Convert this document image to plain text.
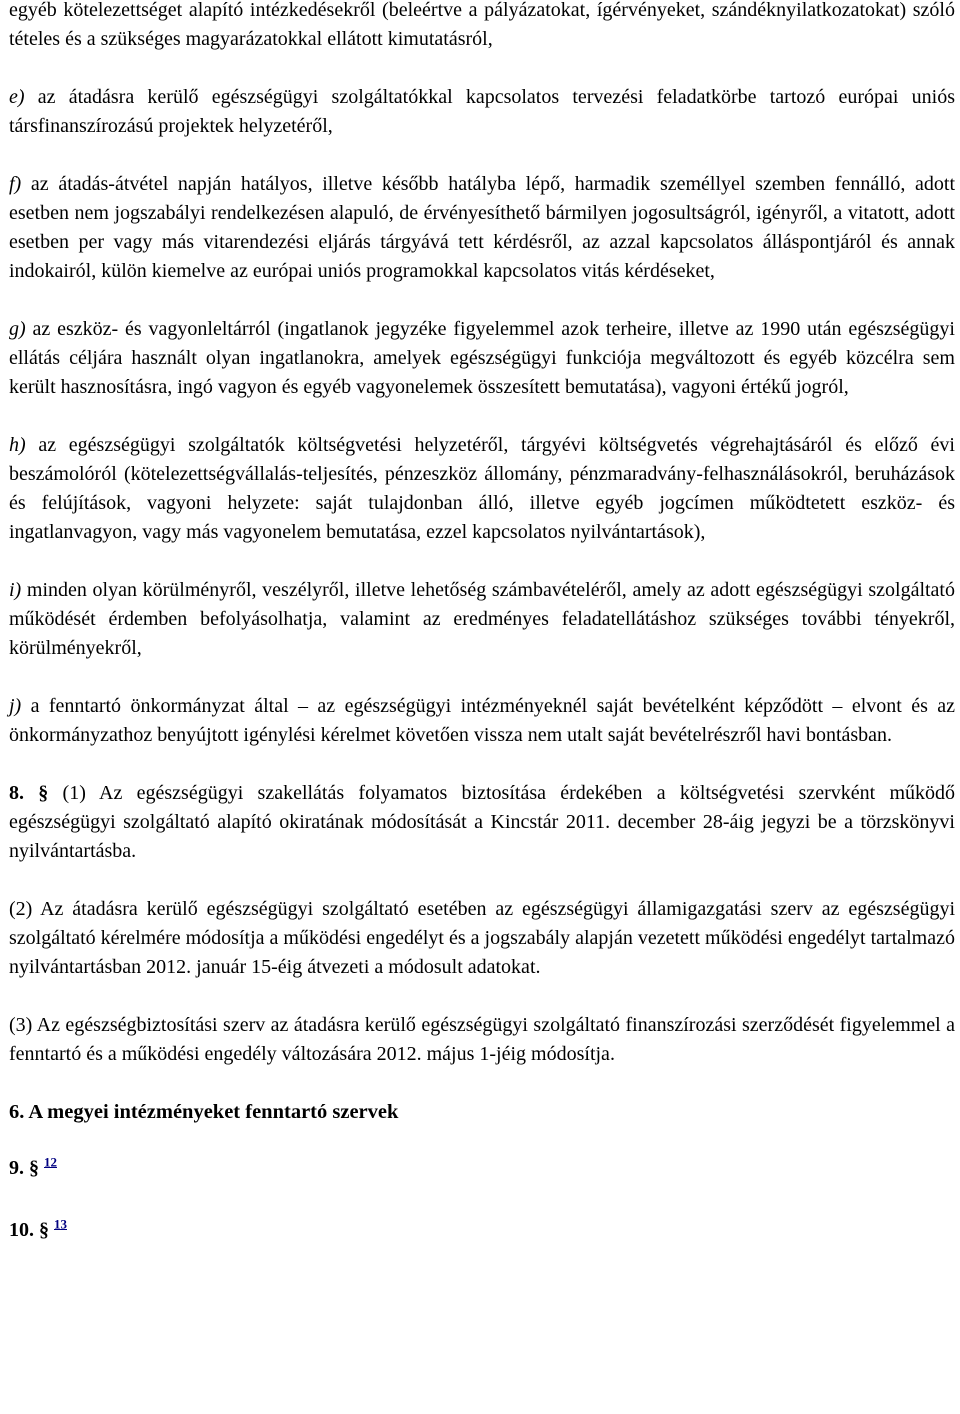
egyéb kötelezettséget alapító intézkedésekről (beleértve a pályázatokat, ígérvényeket, szándéknyilatkozatokat) szóló tételes és a szükséges magyarázatokkal ellátott kimutatásról,

e) az átadásra kerülő egészségügyi szolgáltatókkal kapcsolatos tervezési feladatkörbe tartozó európai uniós társfinanszírozású projektek helyzetéről,

f) az átadás-átvétel napján hatályos, illetve később hatályba lépő, harmadik személlyel szemben fennálló, adott esetben nem jogszabályi rendelkezésen alapuló, de érvényesíthető bármilyen jogosultságról, igényről, a vitatott, adott esetben per vagy más vitarendezési eljárás tárgyává tett kérdésről, az azzal kapcsolatos álláspontjáról és annak indokairól, külön kiemelve az európai uniós programokkal kapcsolatos vitás kérdéseket,

g) az eszköz- és vagyonleltárról (ingatlanok jegyzéke figyelemmel azok terheire, illetve az 1990 után egészségügyi ellátás céljára használt olyan ingatlanokra, amelyek egészségügyi funkciója megváltozott és egyéb közcélra sem került hasznosításra, ingó vagyon és egyéb vagyonelemek összesített bemutatása), vagyoni értékű jogról,

h) az egészségügyi szolgáltatók költségvetési helyzetéről, tárgyévi költségvetés végrehajtásáról és előző évi beszámolóról (kötelezettségvállalás-teljesítés, pénzeszköz állomány, pénzmaradvány-felhasználásokról, beruházások és felújítások, vagyoni helyzete: saját tulajdonban álló, illetve egyéb jogcímen működtetett eszköz- és ingatlanvagyon, vagy más vagyonelem bemutatása, ezzel kapcsolatos nyilvántartások),

i) minden olyan körülményről, veszélyről, illetve lehetőség számbavételéről, amely az adott egészségügyi szolgáltató működését érdemben befolyásolhatja, valamint az eredményes feladatellátáshoz szükséges további tényekről, körülményekről,

j) a fenntartó önkormányzat által – az egészségügyi intézményeknél saját bevételként képződött – elvont és az önkormányzathoz benyújtott igénylési kérelmet követően vissza nem utalt saját bevételrészről havi bontásban.

8. § (1) Az egészségügyi szakellátás folyamatos biztosítása érdekében a költségvetési szervként működő egészségügyi szolgáltató alapító okiratának módosítását a Kincstár 2011. december 28-áig jegyzi be a törzskönyvi nyilvántartásba.

(2) Az átadásra kerülő egészségügyi szolgáltató esetében az egészségügyi államigazgatási szerv az egészségügyi szolgáltató kérelmére módosítja a működési engedélyt és a jogszabály alapján vezetett működési engedélyt tartalmazó nyilvántartásban 2012. január 15-éig átvezeti a módosult adatokat.

(3) Az egészségbiztosítási szerv az átadásra kerülő egészségügyi szolgáltató finanszírozási szerződését figyelemmel a fenntartó és a működési engedély változására 2012. május 1-jéig módosítja.

6. A megyei intézményeket fenntartó szervek

9. § $^{12}$

10. § $^{13}$
